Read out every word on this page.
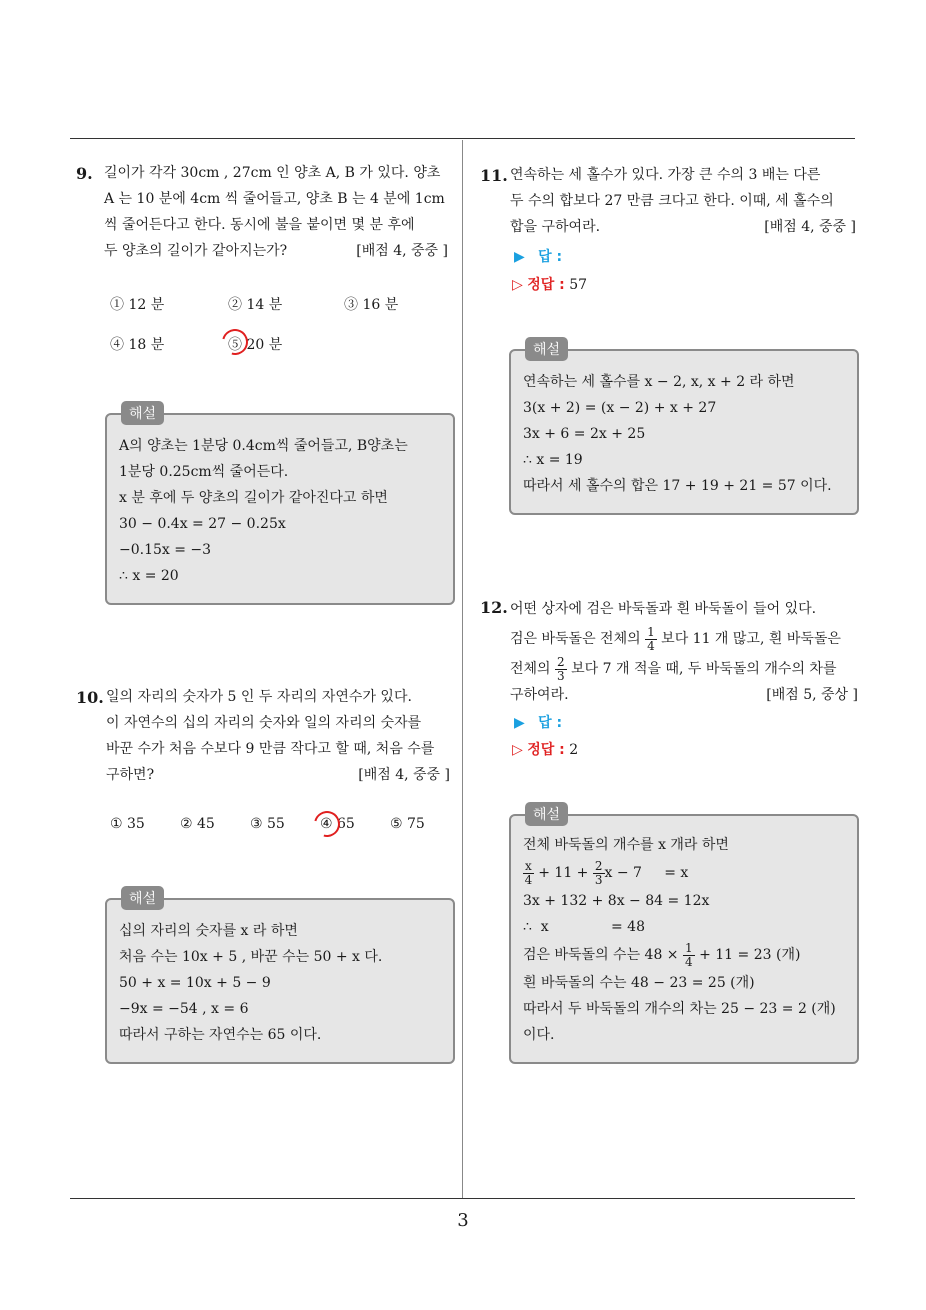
9. 길이가 각각 30cm , 27cm 인 양초 A, B 가 있다. 양초
A 는 10 분에 4cm 씩 줄어들고, 양초 B 는 4 분에 1cm
씩 줄어든다고 한다. 동시에 불을 붙이면 몇 분 후에
두 양초의 길이가 같아지는가?	[배점 4, 중중 ]
① 12 분	② 14 분	③ 16 분
④ 18 분	⑤ 20 분
해설
A의 양초는 1분당 0.4cm씩 줄어들고, B양초는
1분당 0.25cm씩 줄어든다.
x 분 후에 두 양초의 길이가 같아진다고 하면
30 − 0.4x = 27 − 0.25x
−0.15x = −3
∴ x = 20
10. 일의 자리의 숫자가 5 인 두 자리의 자연수가 있다.
이 자연수의 십의 자리의 숫자와 일의 자리의 숫자를
바꾼 수가 처음 수보다 9 만큼 작다고 할 때, 처음 수를
구하면?	[배점 4, 중중 ]
① 35	② 45	③ 55	④ 65	⑤ 75
해설
십의 자리의 숫자를 x 라 하면
처음 수는 10x + 5 , 바꾼 수는 50 + x 다.
50 + x = 10x + 5 − 9
−9x = −54 , x = 6
따라서 구하는 자연수는 65 이다.
11. 연속하는 세 홀수가 있다. 가장 큰 수의 3 배는 다른
두 수의 합보다 27 만큼 크다고 한다. 이때, 세 홀수의
합을 구하여라.	[배점 4, 중중 ]
▶ 답 :
▷ 정답 : 57
해설
연속하는 세 홀수를 x − 2, x, x + 2 라 하면
3(x + 2) = (x − 2) + x + 27
3x + 6 = 2x + 25
∴ x = 19
따라서 세 홀수의 합은 17 + 19 + 21 = 57 이다.
12. 어떤 상자에 검은 바둑돌과 흰 바둑돌이 들어 있다.
검은 바둑돌은 전체의 $\frac{1}{4}$ 보다 11 개 많고, 흰 바둑돌은
전체의 $\frac{2}{3}$ 보다 7 개 적을 때, 두 바둑돌의 개수의 차를
구하여라.	[배점 5, 중상 ]
▶ 답 :
▷ 정답 : 2
해설
전체 바둑돌의 개수를 x 개라 하면
$\frac{x}{4} + 11 + \frac{2}{3}$ x − 7     = x
3x + 132 + 8x − 84 = 12x
∴  x              = 48
검은 바둑돌의 수는 $48 \times \frac{1}{4} + 11 = 23$ (개)
흰 바둑돌의 수는 48 − 23 = 25 (개)
따라서 두 바둑돌의 개수의 차는 25 − 23 = 2 (개)
이다.
3
